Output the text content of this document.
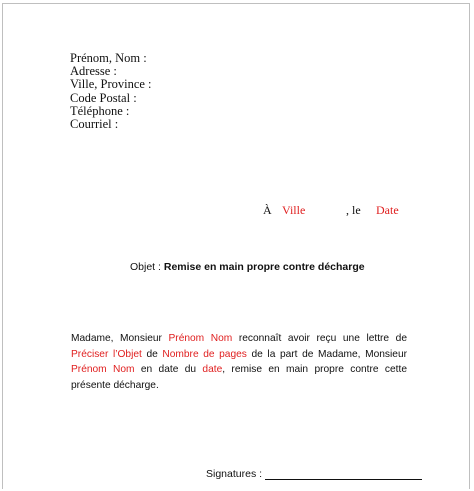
Prénom, Nom :
Adresse :
Ville, Province :
Code Postal :
Téléphone :
Courriel :
À Ville	, le Date
Objet : Remise en main propre contre décharge
Madame, Monsieur Prénom Nom reconnaît avoir reçu une lettre de Préciser l’Objet de Nombre de pages de la part de Madame, Monsieur Prénom Nom en date du date, remise en main propre contre cette présente décharge.
Signatures :
